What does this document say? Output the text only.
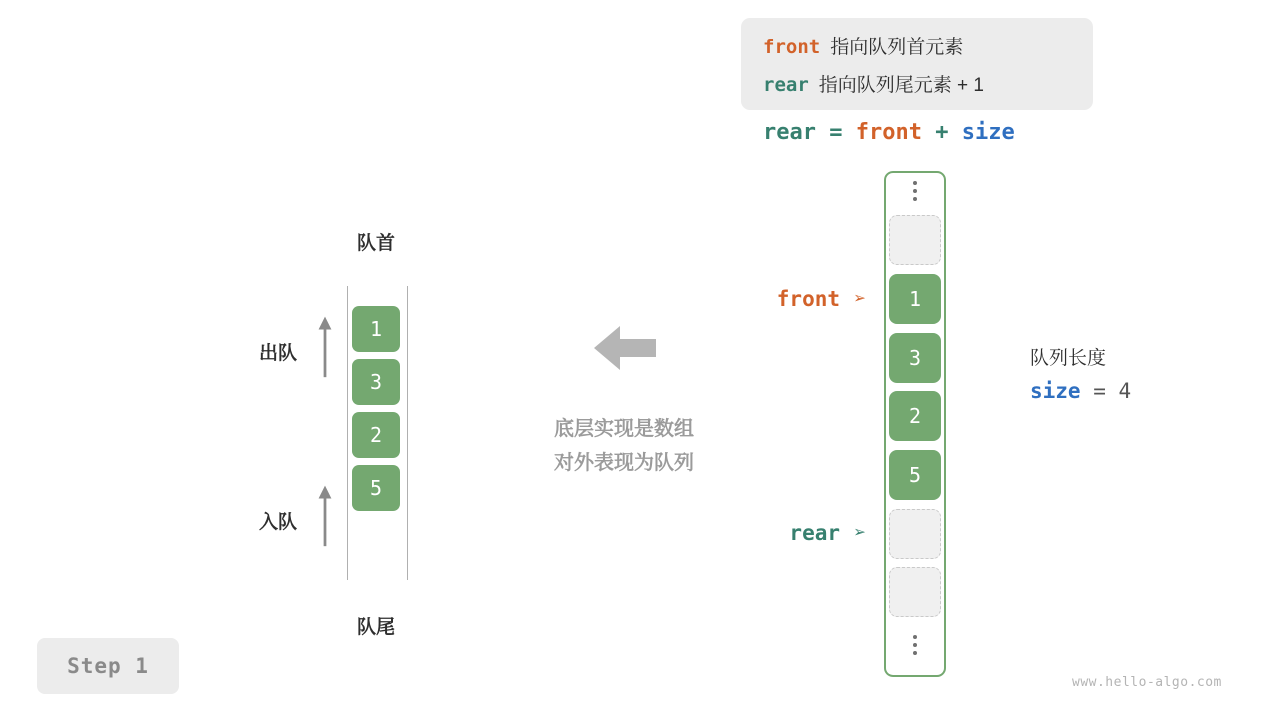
Step 1
队首
队尾
1
3
2
5
出队
入队
底层实现是数组
对外表现为队列
front 指向队列首元素
rear 指向队列尾元素 + 1
rear = front + size
1
3
2
5
front ➢
rear ➢
队列长度
size = 4
www.hello-algo.com
